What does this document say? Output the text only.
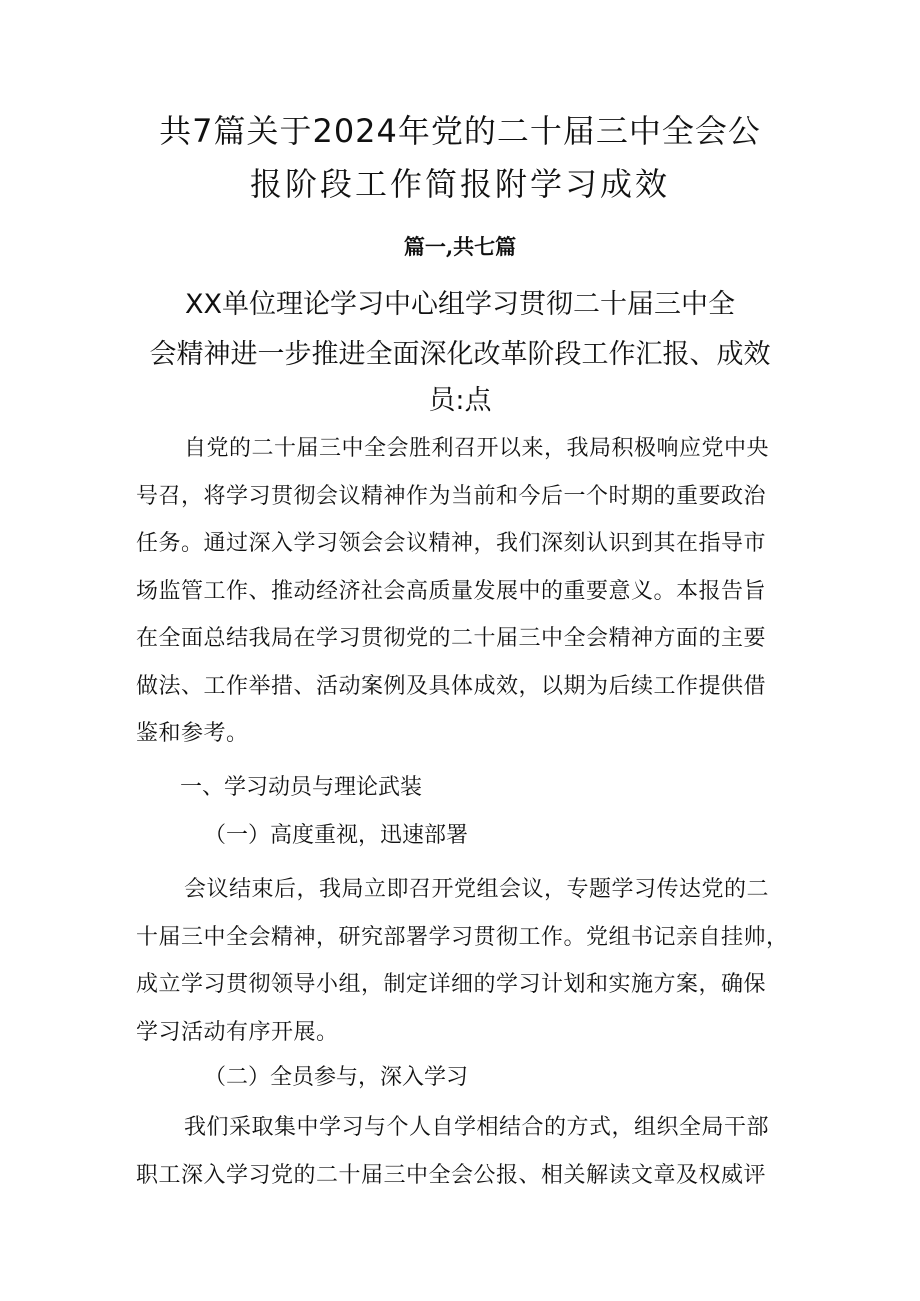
共7篇关于2024年党的二十届三中全会公
报阶段工作简报附学习成效

篇一,共七篇

XX单位理论学习中心组学习贯彻二十届三中全
会精神进一步推进全面深化改革阶段工作汇报、成效
员:点
自党的二十届三中全会胜利召开以来，我局积极响应党中央
号召，将学习贯彻会议精神作为当前和今后一个时期的重要政治
任务。通过深入学习领会会议精神，我们深刻认识到其在指导市
场监管工作、推动经济社会高质量发展中的重要意义。本报告旨
在全面总结我局在学习贯彻党的二十届三中全会精神方面的主要
做法、工作举措、活动案例及具体成效，以期为后续工作提供借
鉴和参考。

一、学习动员与理论武装

（一）高度重视，迅速部署

会议结束后，我局立即召开党组会议，专题学习传达党的二
十届三中全会精神，研究部署学习贯彻工作。党组书记亲自挂帅，
成立学习贯彻领导小组，制定详细的学习计划和实施方案，确保
学习活动有序开展。

（二）全员参与，深入学习

我们采取集中学习与个人自学相结合的方式，组织全局干部
职工深入学习党的二十届三中全会公报、相关解读文章及权威评
